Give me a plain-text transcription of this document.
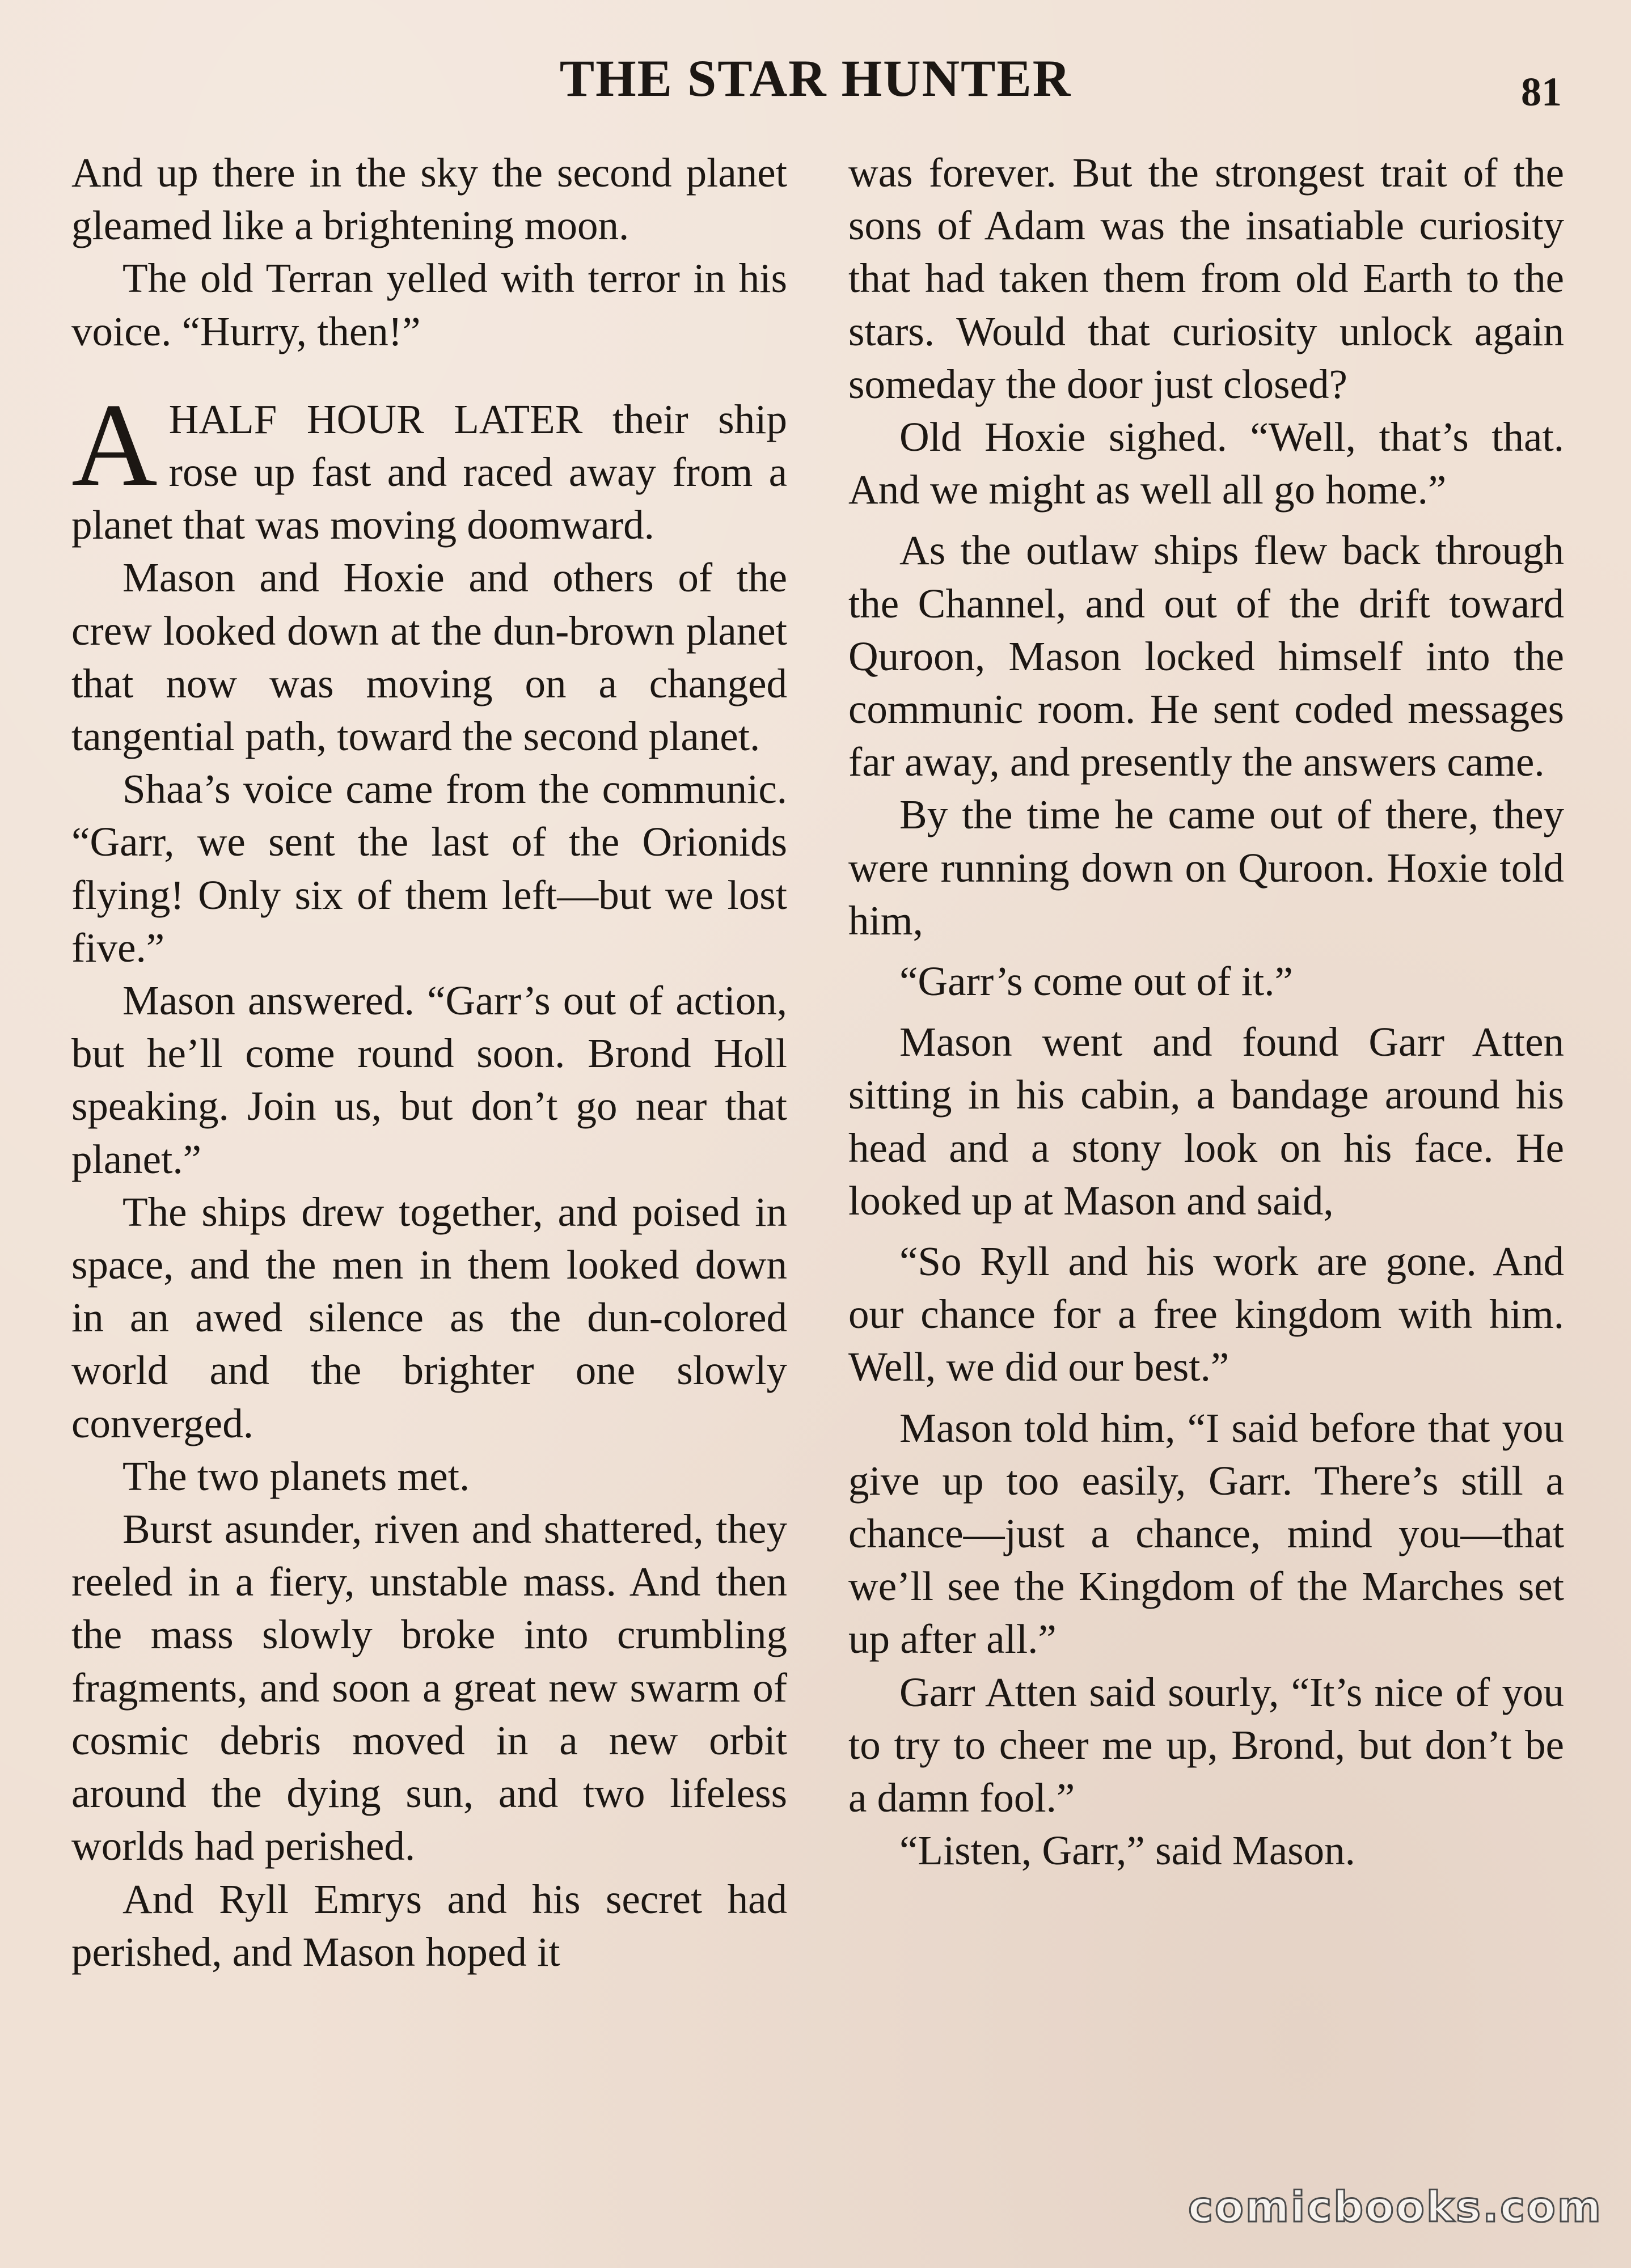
THE STAR HUNTER	81

And up there in the sky the second planet gleamed like a brightening moon.

The old Terran yelled with terror in his voice. “Hurry, then!”

AHALF HOUR LATER their ship rose up fast and raced away from a planet that was moving doomward.

Mason and Hoxie and others of the crew looked down at the dun-brown planet that now was moving on a changed tangential path, toward the second planet.

Shaa’s voice came from the communic. “Garr, we sent the last of the Orionids flying! Only six of them left—but we lost five.”

Mason answered. “Garr’s out of action, but he’ll come round soon. Brond Holl speaking. Join us, but don’t go near that planet.”

The ships drew together, and poised in space, and the men in them looked down in an awed silence as the dun-colored world and the brighter one slowly converged.

The two planets met.

Burst asunder, riven and shattered, they reeled in a fiery, unstable mass. And then the mass slowly broke into crumbling fragments, and soon a great new swarm of cosmic debris moved in a new orbit around the dying sun, and two lifeless worlds had perished.

And Ryll Emrys and his secret had perished, and Mason hoped it

was forever. But the strongest trait of the sons of Adam was the insatiable curiosity that had taken them from old Earth to the stars. Would that curiosity unlock again someday the door just closed?

Old Hoxie sighed. “Well, that’s that. And we might as well all go home.”

As the outlaw ships flew back through the Channel, and out of the drift toward Quroon, Mason locked himself into the communic room. He sent coded messages far away, and presently the answers came.

By the time he came out of there, they were running down on Quroon. Hoxie told him,

“Garr’s come out of it.”

Mason went and found Garr Atten sitting in his cabin, a bandage around his head and a stony look on his face. He looked up at Mason and said,

“So Ryll and his work are gone. And our chance for a free kingdom with him. Well, we did our best.”

Mason told him, “I said before that you give up too easily, Garr. There’s still a chance—just a chance, mind you—that we’ll see the Kingdom of the Marches set up after all.”

Garr Atten said sourly, “It’s nice of you to try to cheer me up, Brond, but don’t be a damn fool.”

“Listen, Garr,” said Mason.

comicbooks.com
